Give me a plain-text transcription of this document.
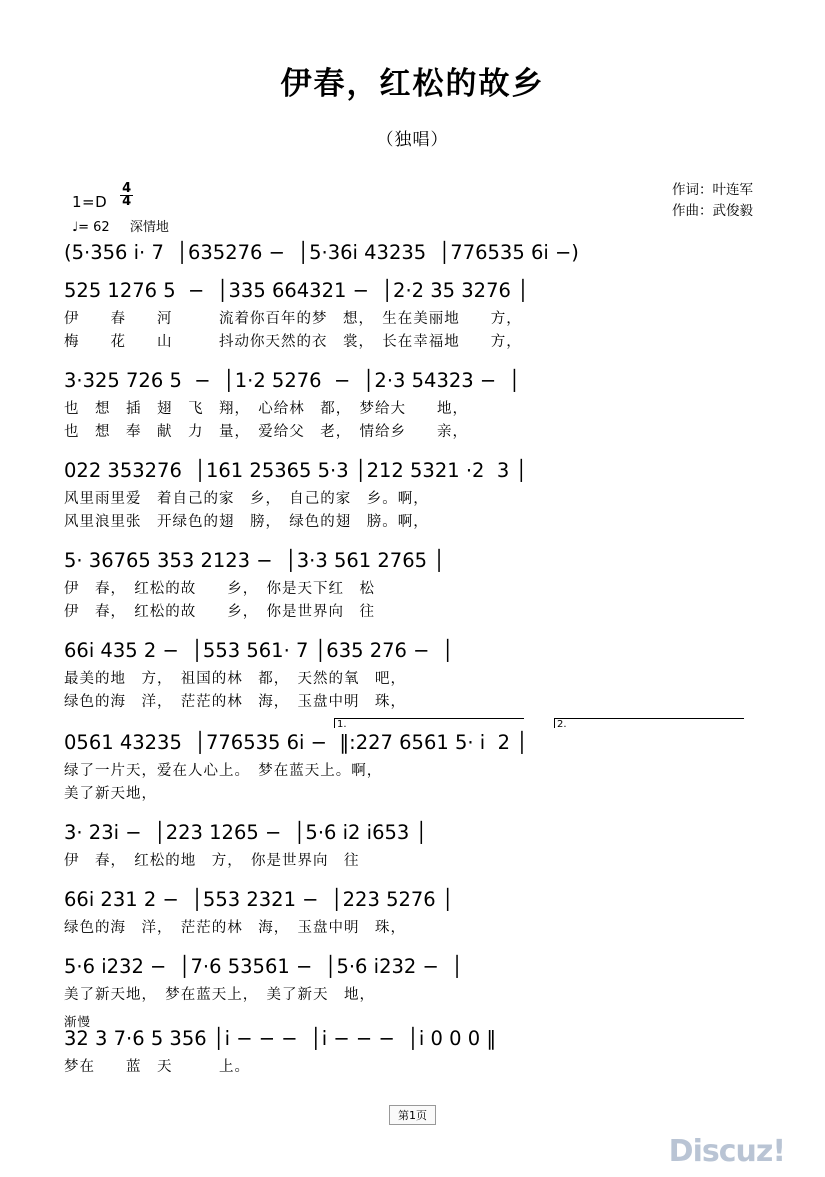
伊春，红松的故乡
（独唱）
作词：叶连军
作曲：武俊毅
$1=D \frac{4}{4}$
♩= 62 深情地
(5·356 i· 7  │635276 −  │5·36i 43235  │776535 6i −)
525 1276 5  −  │335 664321 −  │2·2 35 3276 │
伊　　春　　河　　　流着你百年的梦　想，　生在美丽地　　方，
梅　　花　　山　　　抖动你天然的衣　裳，　长在幸福地　　方，
3·325 726 5  −  │1·2 5276  −  │2·3 54323 −  │
也　想　插　翅　飞　翔，　心给林　都，　梦给大　　地，
也　想　奉　献　力　量，　爱给父　老，　情给乡　　亲，
022 353276  │161 25365 5·3 │212 5321 ·2  3 │
风里雨里爱　着自己的家　乡，　自己的家　乡。啊，
风里浪里张　开绿色的翅　膀，　绿色的翅　膀。啊，
5· 36765 353 2123 −  │3·3 561 2765 │
伊　春，　红松的故　　乡，　你是天下红　松
伊　春，　红松的故　　乡，　你是世界向　往
66i 435 2 −  │553 561· 7 │635 276 −  │
最美的地　方，　祖国的林　都，　天然的氧　吧，
绿色的海　洋，　茫茫的林　海，　玉盘中明　珠，
1.	2.
0561 43235  │776535 6i −  ‖:227 6561 5· i  2 │
绿了一片天，爱在人心上。　梦在蓝天上。啊，
美了新天地，
3· 23i −  │223 1265 −  │5·6 i2 i653 │
伊　春，　红松的地　方，　你是世界向　往
66i 231 2 −  │553 2321 −  │223 5276 │
绿色的海　洋，　茫茫的林　海，　玉盘中明　珠，
5·6 i232 −  │7·6 53561 −  │5·6 i232 −  │
美了新天地，　梦在蓝天上，　美了新天　地，
渐慢
32 3 7·6 5 356 │i − − −  │i − − −  │i 0 0 0 ‖
梦在　　蓝　天　　　上。
第1页
Discuz!
